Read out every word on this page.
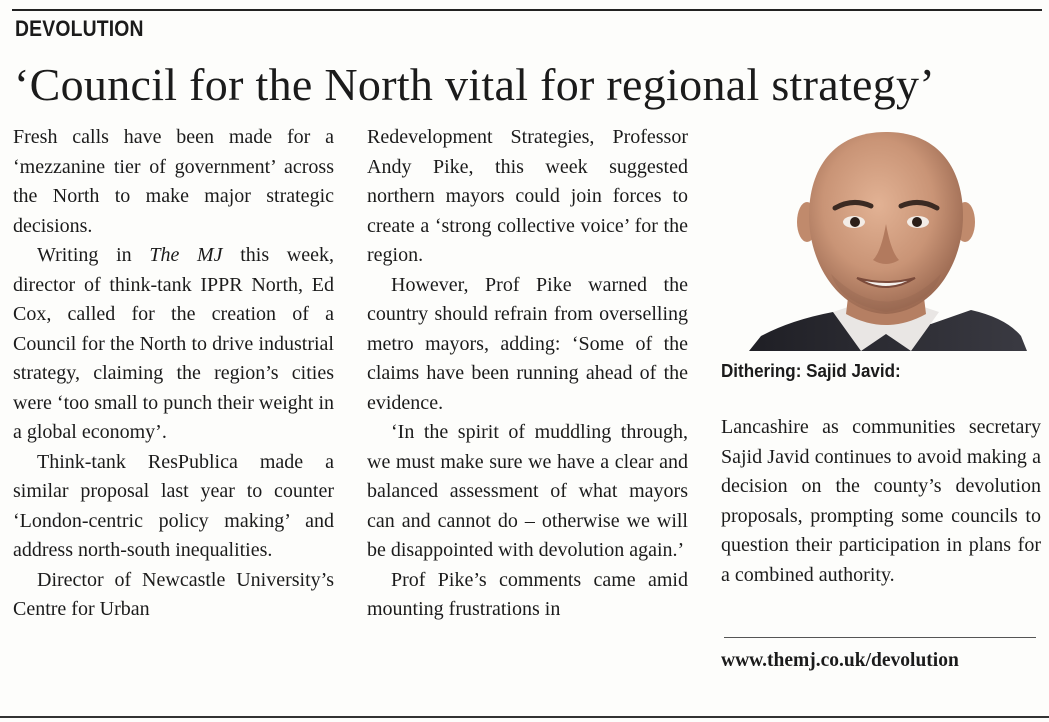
DEVOLUTION
‘Council for the North vital for regional strategy’

Fresh calls have been made for a ‘mezzanine tier of government’ across the North to make major strategic decisions.

Writing in The MJ this week, director of think-tank IPPR North, Ed Cox, called for the creation of a Council for the North to drive industrial strategy, claiming the region’s cities were ‘too small to punch their weight in a global economy’.

Think-tank ResPublica made a similar proposal last year to counter ‘London-centric policy making’ and address north-south inequalities.

Director of Newcastle University’s Centre for Urban

Redevelopment Strategies, Professor Andy Pike, this week suggested northern mayors could join forces to create a ‘strong collective voice’ for the region.

However, Prof Pike warned the country should refrain from overselling metro mayors, adding: ‘Some of the claims have been running ahead of the evidence.

‘In the spirit of muddling through, we must make sure we have a clear and balanced assessment of what mayors can and cannot do – otherwise we will be disappointed with devolution again.’

Prof Pike’s comments came amid mounting frustrations in

Dithering: Sajid Javid:

Lancashire as communities secretary Sajid Javid continues to avoid making a decision on the county’s devolution proposals, prompting some councils to question their participation in plans for a combined authority.

www.themj.co.uk/devolution
